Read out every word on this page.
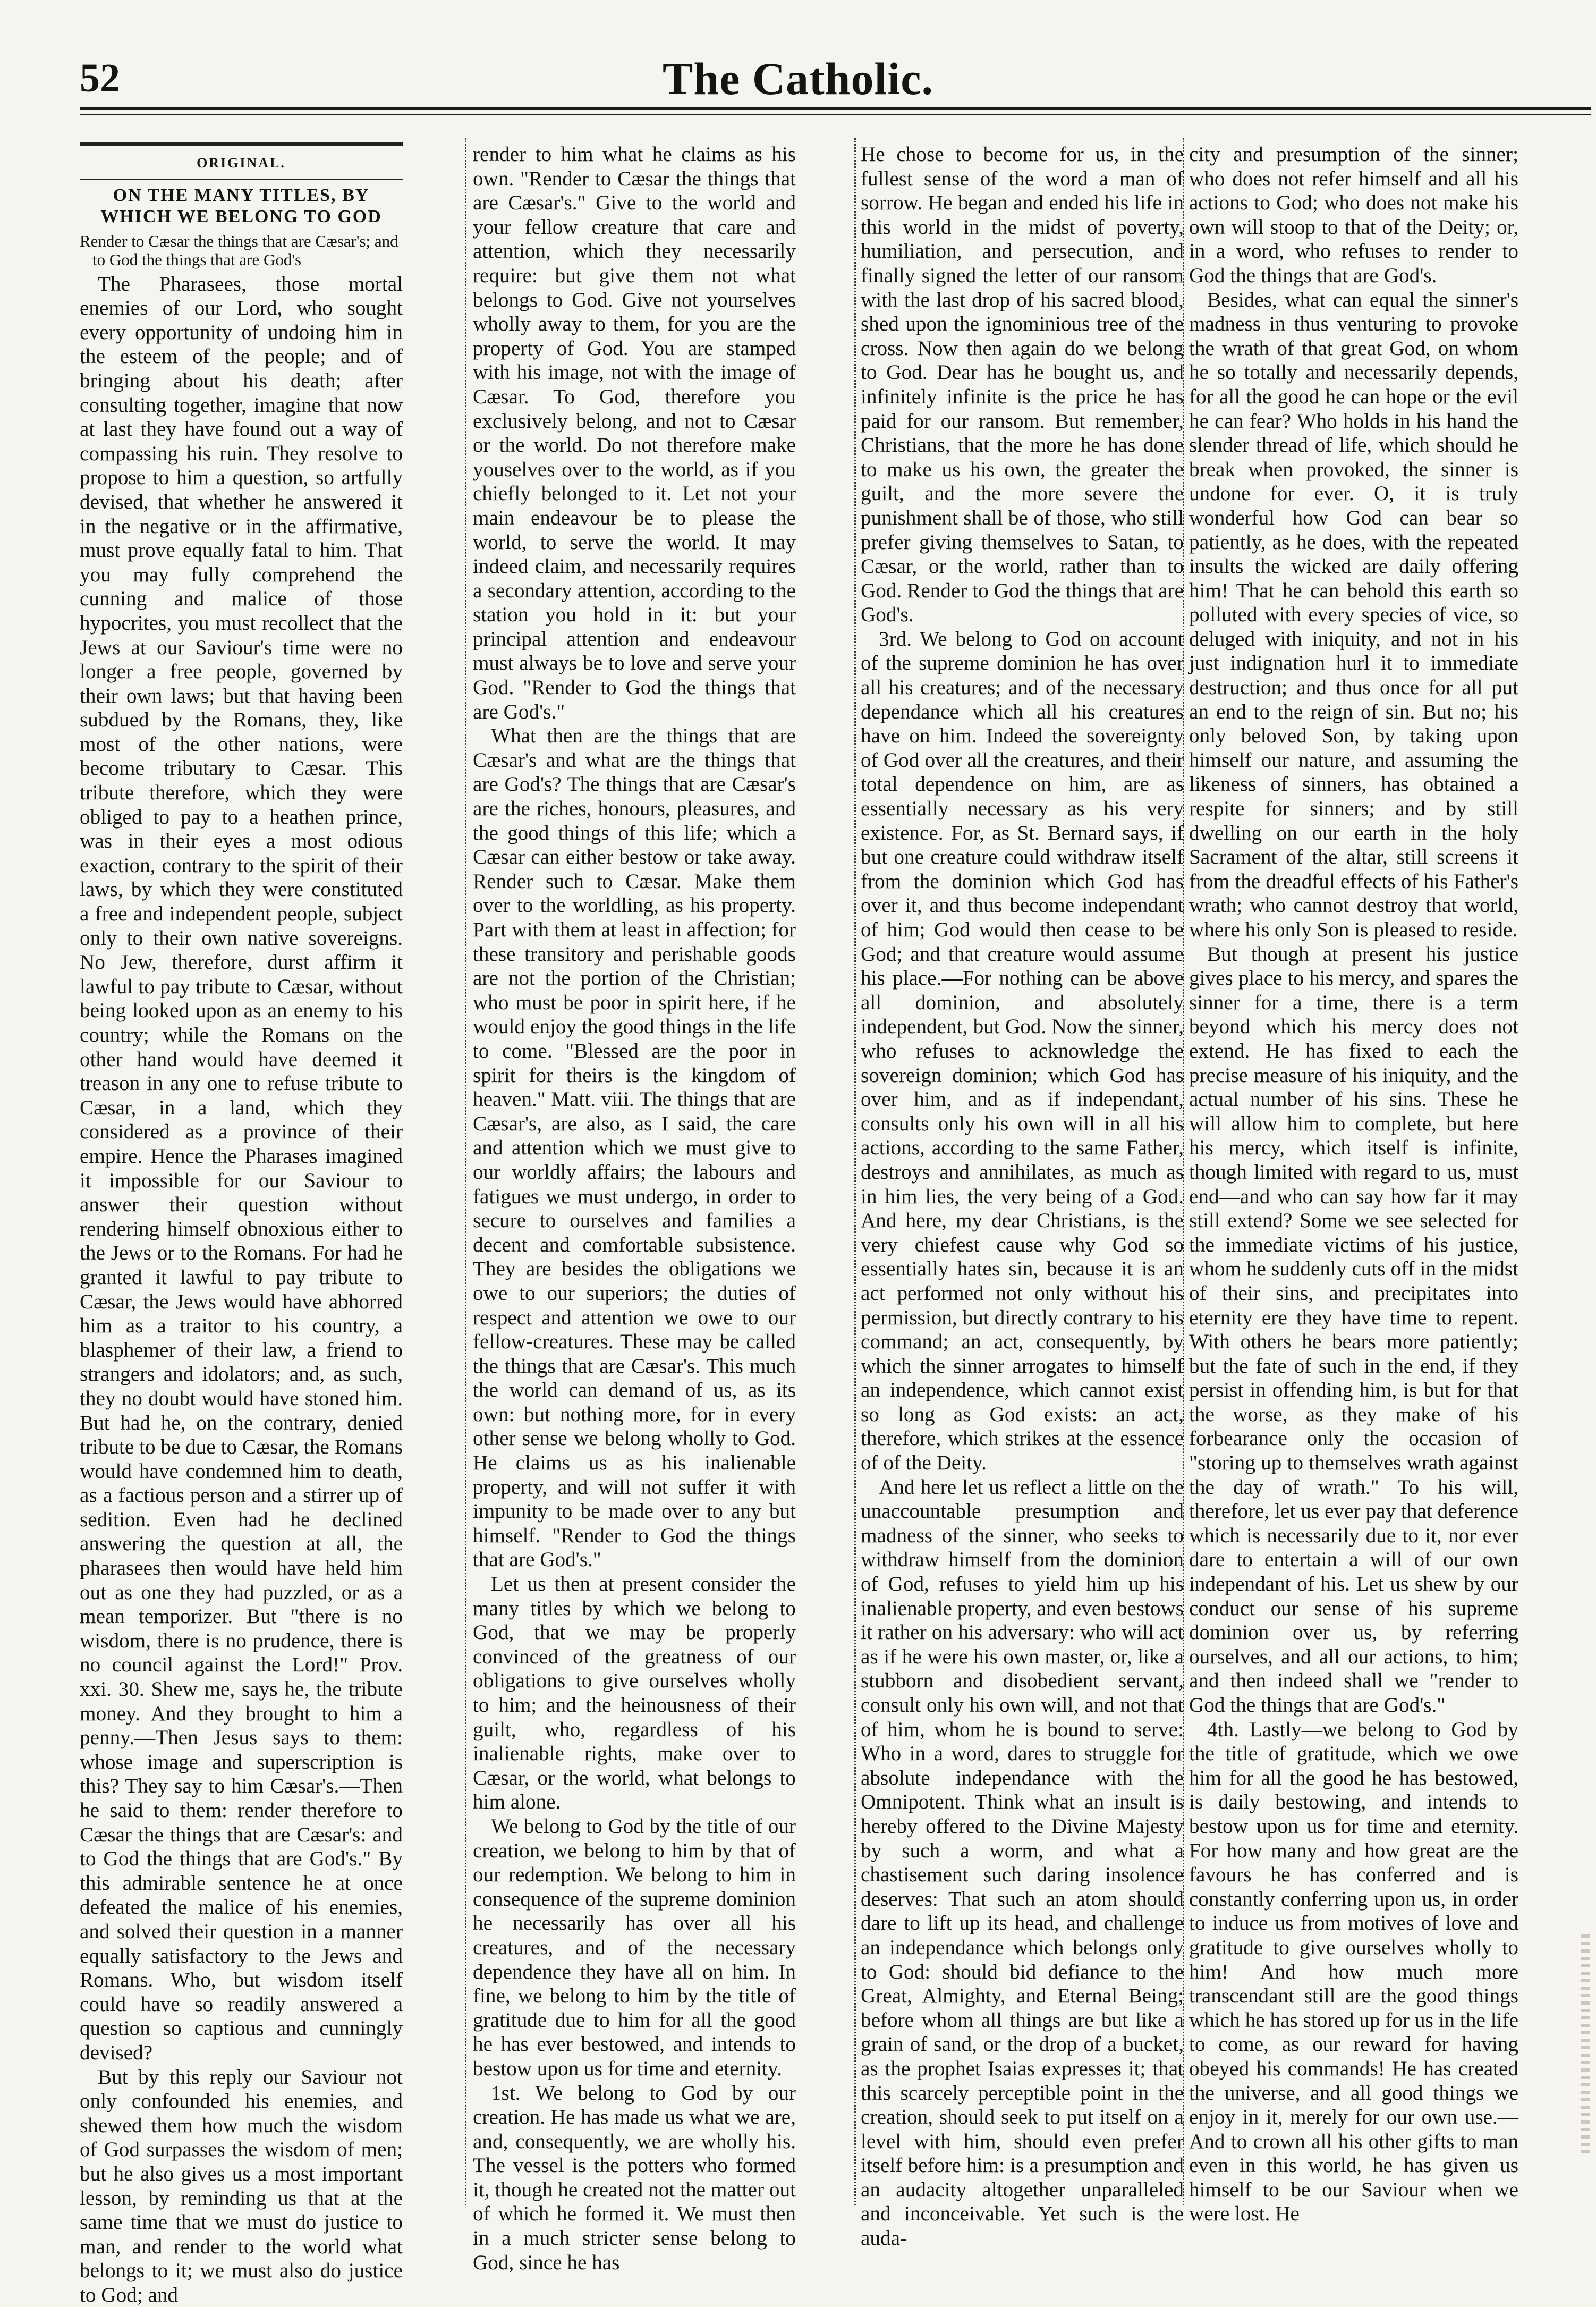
52	The Catholic.
ORIGINAL.
ON THE MANY TITLES, BY WHICH WE BELONG TO GOD
Render to Cæsar the things that are Cæsar's; and to God the things that are God's

The Pharasees, those mortal enemies of our Lord, who sought every opportunity of undoing him in the esteem of the people; and of bringing about his death; after consulting together, imagine that now at last they have found out a way of compassing his ruin. They resolve to propose to him a question, so artfully devised, that whether he answered it in the negative or in the affirmative, must prove equally fatal to him. That you may fully comprehend the cunning and malice of those hypocrites, you must recollect that the Jews at our Saviour's time were no longer a free people, governed by their own laws; but that having been subdued by the Romans, they, like most of the other nations, were become tributary to Cæsar. This tribute therefore, which they were obliged to pay to a heathen prince, was in their eyes a most odious exaction, contrary to the spirit of their laws, by which they were constituted a free and independent people, subject only to their own native sovereigns. No Jew, therefore, durst affirm it lawful to pay tribute to Cæsar, without being looked upon as an enemy to his country; while the Romans on the other hand would have deemed it treason in any one to refuse tribute to Cæsar, in a land, which they considered as a province of their empire. Hence the Pharases imagined it impossible for our Saviour to answer their question without rendering himself obnoxious either to the Jews or to the Romans. For had he granted it lawful to pay tribute to Cæsar, the Jews would have abhorred him as a traitor to his country, a blasphemer of their law, a friend to strangers and idolators; and, as such, they no doubt would have stoned him. But had he, on the contrary, denied tribute to be due to Cæsar, the Romans would have condemned him to death, as a factious person and a stirrer up of sedition. Even had he declined answering the question at all, the pharasees then would have held him out as one they had puzzled, or as a mean temporizer. But "there is no wisdom, there is no prudence, there is no council against the Lord!" Prov. xxi. 30. Shew me, says he, the tribute money. And they brought to him a penny.—Then Jesus says to them: whose image and superscription is this? They say to him Cæsar's.—Then he said to them: render therefore to Cæsar the things that are Cæsar's: and to God the things that are God's." By this admirable sentence he at once defeated the malice of his enemies, and solved their question in a manner equally satisfactory to the Jews and Romans. Who, but wisdom itself could have so readily answered a question so captious and cunningly devised?

But by this reply our Saviour not only confounded his enemies, and shewed them how much the wisdom of God surpasses the wisdom of men; but he also gives us a most important lesson, by reminding us that at the same time that we must do justice to man, and render to the world what belongs to it; we must also do justice to God; and

render to him what he claims as his own. "Render to Cæsar the things that are Cæsar's." Give to the world and your fellow creature that care and attention, which they necessarily require: but give them not what belongs to God. Give not yourselves wholly away to them, for you are the property of God. You are stamped with his image, not with the image of Cæsar. To God, therefore you exclusively belong, and not to Cæsar or the world. Do not therefore make youselves over to the world, as if you chiefly belonged to it. Let not your main endeavour be to please the world, to serve the world. It may indeed claim, and necessarily requires a secondary attention, according to the station you hold in it: but your principal attention and endeavour must always be to love and serve your God. "Render to God the things that are God's."

What then are the things that are Cæsar's and what are the things that are God's? The things that are Cæsar's are the riches, honours, pleasures, and the good things of this life; which a Cæsar can either bestow or take away. Render such to Cæsar. Make them over to the worldling, as his property. Part with them at least in affection; for these transitory and perishable goods are not the portion of the Christian; who must be poor in spirit here, if he would enjoy the good things in the life to come. "Blessed are the poor in spirit for theirs is the kingdom of heaven." Matt. viii. The things that are Cæsar's, are also, as I said, the care and attention which we must give to our worldly affairs; the labours and fatigues we must undergo, in order to secure to ourselves and families a decent and comfortable subsistence. They are besides the obligations we owe to our superiors; the duties of respect and attention we owe to our fellow-creatures. These may be called the things that are Cæsar's. This much the world can demand of us, as its own: but nothing more, for in every other sense we belong wholly to God. He claims us as his inalienable property, and will not suffer it with impunity to be made over to any but himself. "Render to God the things that are God's."

Let us then at present consider the many titles by which we belong to God, that we may be properly convinced of the greatness of our obligations to give ourselves wholly to him; and the heinousness of their guilt, who, regardless of his inalienable rights, make over to Cæsar, or the world, what belongs to him alone.

We belong to God by the title of our creation, we belong to him by that of our redemption. We belong to him in consequence of the supreme dominion he necessarily has over all his creatures, and of the necessary dependence they have all on him. In fine, we belong to him by the title of gratitude due to him for all the good he has ever bestowed, and intends to bestow upon us for time and eternity.

1st. We belong to God by our creation. He has made us what we are, and, consequently, we are wholly his. The vessel is the potters who formed it, though he created not the matter out of which he formed it. We must then in a much stricter sense belong to God, since he has

He chose to become for us, in the fullest sense of the word a man of sorrow. He began and ended his life in this world in the midst of poverty, humiliation, and persecution, and finally signed the letter of our ransom with the last drop of his sacred blood, shed upon the ignominious tree of the cross. Now then again do we belong to God. Dear has he bought us, and infinitely infinite is the price he has paid for our ransom. But remember, Christians, that the more he has done to make us his own, the greater the guilt, and the more severe the punishment shall be of those, who still prefer giving themselves to Satan, to Cæsar, or the world, rather than to God. Render to God the things that are God's.

3rd. We belong to God on account of the supreme dominion he has over all his creatures; and of the necessary dependance which all his creatures have on him. Indeed the sovereignty of God over all the creatures, and their total dependence on him, are as essentially necessary as his very existence. For, as St. Bernard says, if but one creature could withdraw itself from the dominion which God has over it, and thus become independant of him; God would then cease to be God; and that creature would assume his place.—For nothing can be above all dominion, and absolutely independent, but God. Now the sinner, who refuses to acknowledge the sovereign dominion; which God has over him, and as if independant, consults only his own will in all his actions, according to the same Father, destroys and annihilates, as much as in him lies, the very being of a God. And here, my dear Christians, is the very chiefest cause why God so essentially hates sin, because it is an act performed not only without his permission, but directly contrary to his command; an act, consequently, by which the sinner arrogates to himself an independence, which cannot exist so long as God exists: an act, therefore, which strikes at the essence of of the Deity.

And here let us reflect a little on the unaccountable presumption and madness of the sinner, who seeks to withdraw himself from the dominion of God, refuses to yield him up his inalienable property, and even bestows it rather on his adversary: who will act as if he were his own master, or, like a stubborn and disobedient servant, consult only his own will, and not that of him, whom he is bound to serve: Who in a word, dares to struggle for absolute independance with the Omnipotent. Think what an insult is hereby offered to the Divine Majesty by such a worm, and what a chastisement such daring insolence deserves: That such an atom should dare to lift up its head, and challenge an independance which belongs only to God: should bid defiance to the Great, Almighty, and Eternal Being; before whom all things are but like a grain of sand, or the drop of a bucket, as the prophet Isaias expresses it; that this scarcely perceptible point in the creation, should seek to put itself on a level with him, should even prefer itself before him: is a presumption and an audacity altogether unparalleled and inconceivable. Yet such is the auda-

city and presumption of the sinner; who does not refer himself and all his actions to God; who does not make his own will stoop to that of the Deity; or, in a word, who refuses to render to God the things that are God's.

Besides, what can equal the sinner's madness in thus venturing to provoke the wrath of that great God, on whom he so totally and necessarily depends, for all the good he can hope or the evil he can fear? Who holds in his hand the slender thread of life, which should he break when provoked, the sinner is undone for ever. O, it is truly wonderful how God can bear so patiently, as he does, with the repeated insults the wicked are daily offering him! That he can behold this earth so polluted with every species of vice, so deluged with iniquity, and not in his just indignation hurl it to immediate destruction; and thus once for all put an end to the reign of sin. But no; his only beloved Son, by taking upon himself our nature, and assuming the likeness of sinners, has obtained a respite for sinners; and by still dwelling on our earth in the holy Sacrament of the altar, still screens it from the dreadful effects of his Father's wrath; who cannot destroy that world, where his only Son is pleased to reside.

But though at present his justice gives place to his mercy, and spares the sinner for a time, there is a term beyond which his mercy does not extend. He has fixed to each the precise measure of his iniquity, and the actual number of his sins. These he will allow him to complete, but here his mercy, which itself is infinite, though limited with regard to us, must end—and who can say how far it may still extend? Some we see selected for the immediate victims of his justice, whom he suddenly cuts off in the midst of their sins, and precipitates into eternity ere they have time to repent. With others he bears more patiently; but the fate of such in the end, if they persist in offending him, is but for that the worse, as they make of his forbearance only the occasion of "storing up to themselves wrath against the day of wrath." To his will, therefore, let us ever pay that deference which is necessarily due to it, nor ever dare to entertain a will of our own independant of his. Let us shew by our conduct our sense of his supreme dominion over us, by referring ourselves, and all our actions, to him; and then indeed shall we "render to God the things that are God's."

4th. Lastly—we belong to God by the title of gratitude, which we owe him for all the good he has bestowed, is daily bestowing, and intends to bestow upon us for time and eternity. For how many and how great are the favours he has conferred and is constantly conferring upon us, in order to induce us from motives of love and gratitude to give ourselves wholly to him! And how much more transcendant still are the good things which he has stored up for us in the life to come, as our reward for having obeyed his commands! He has created the universe, and all good things we enjoy in it, merely for our own use.—And to crown all his other gifts to man even in this world, he has given us himself to be our Saviour when we were lost. He
